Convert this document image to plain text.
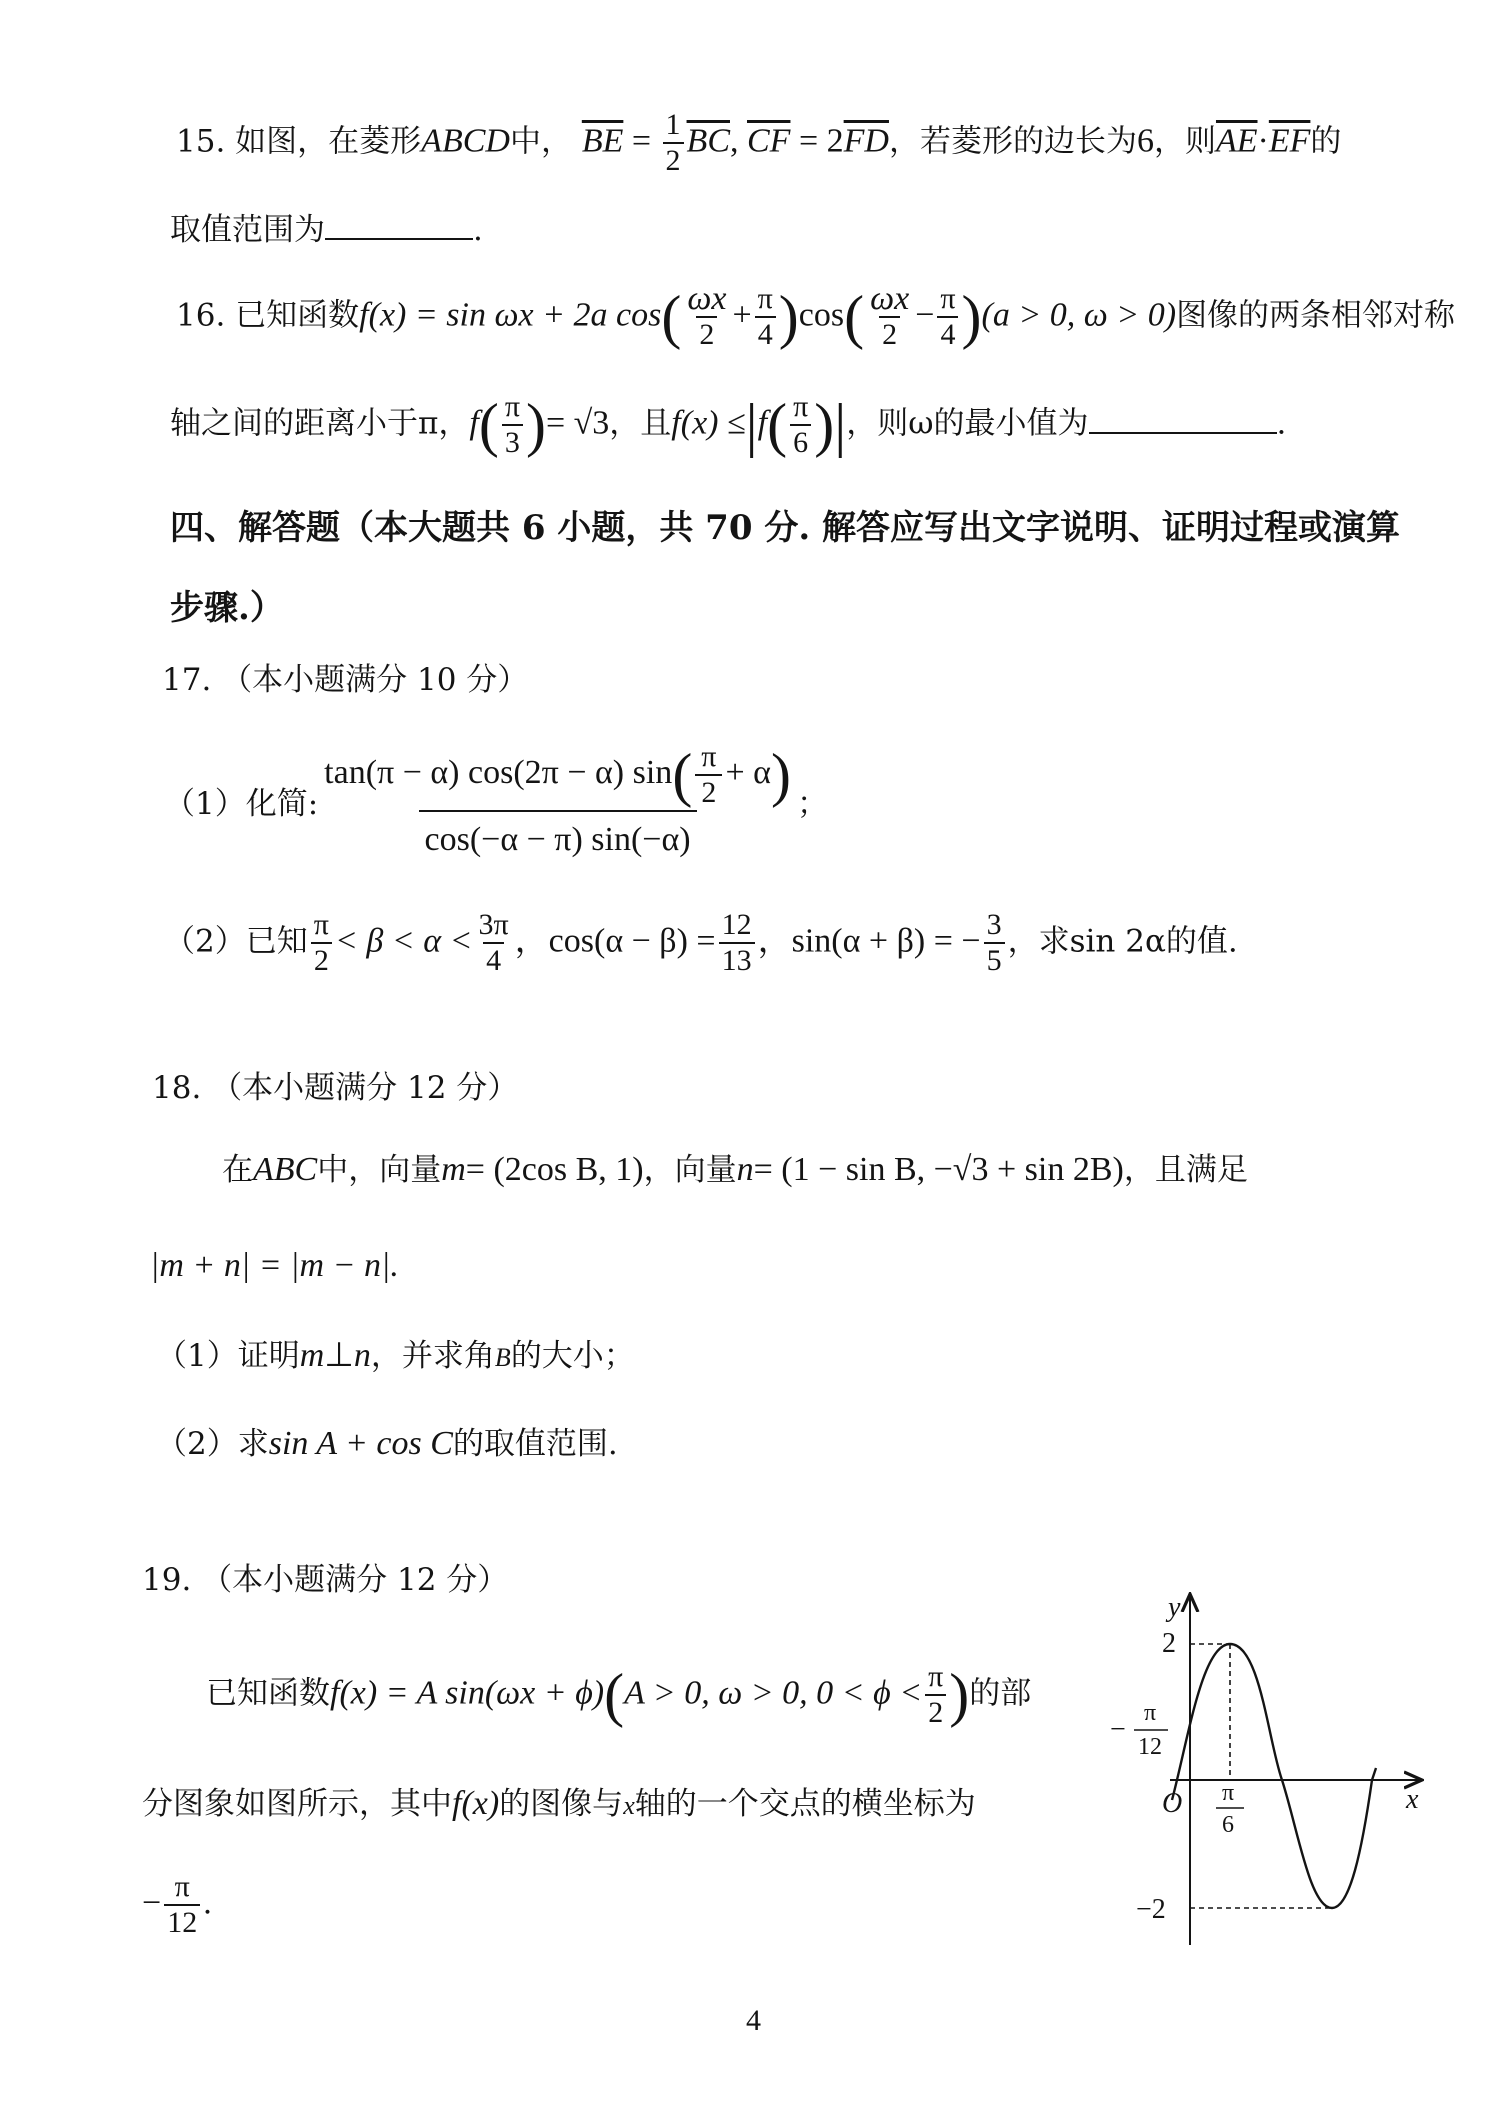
15. 如图，在菱形ABCD中， $\overline{BE} = \frac{1}{2} \overline{BC}$, $\overline{CF} = 2\overline{FD}$，若菱形的边长为6，则$\overline{AE}\cdot\overline{EF}$的
取值范围为	.
16. 已知函数f(x) = sin ωx + 2a $\cos( \frac{\omega x}{2} + \frac{\pi}{4} )\cos( \frac{\omega x}{2} - \frac{\pi}{4} )(a > 0$, ω > 0)图像的两条相邻对称
轴之间的距离小于π，$f( \frac{\pi}{3}$ )= √3，且$f(x) \le|f( \frac{\pi}{6}$ )|，则ω的最小值为	.
四、解答题（本大题共 6 小题，共 70 分. 解答应写出文字说明、证明过程或演算
步骤.）
17. （本小题满分 10 分）
（1）化简: $\frac{\tan(\pi - \alpha) \cos(2\pi - \alpha) \sin( \frac{\pi}{2} + \alpha)}{\cos(-\alpha - \pi) \sin(-\alpha)}$ ；
（2）已知 $\frac{\pi}{2} < \beta < \alpha < \frac{3\pi}{4}$ ，$\cos(\alpha - \beta) = \frac{12}{13}$ ，sin(α + β) = − $\frac{3}{5}$ ，求sin 2α的值.
18. （本小题满分 12 分）
在ABC中，向量m= (2cos B, 1)，向量n= (1 − sin B, −√3 + sin 2B)，且满足
|m + n| = |m − n|.
（1）证明m⊥n，并求角B的大小；
（2）求sin A + cos C的取值范围.
19. （本小题满分 12 分）
已知函数f(x) = A sin(ωx + ϕ)(A > 0, ω > 0, $0 < \phi < \frac{\pi}{2}$ )的部
分图象如图所示，其中f(x)的图像与x轴的一个交点的横坐标为
− $\frac{\pi}{12}$ .
y
x
O
2
−2
−
π
12
π
6
4
